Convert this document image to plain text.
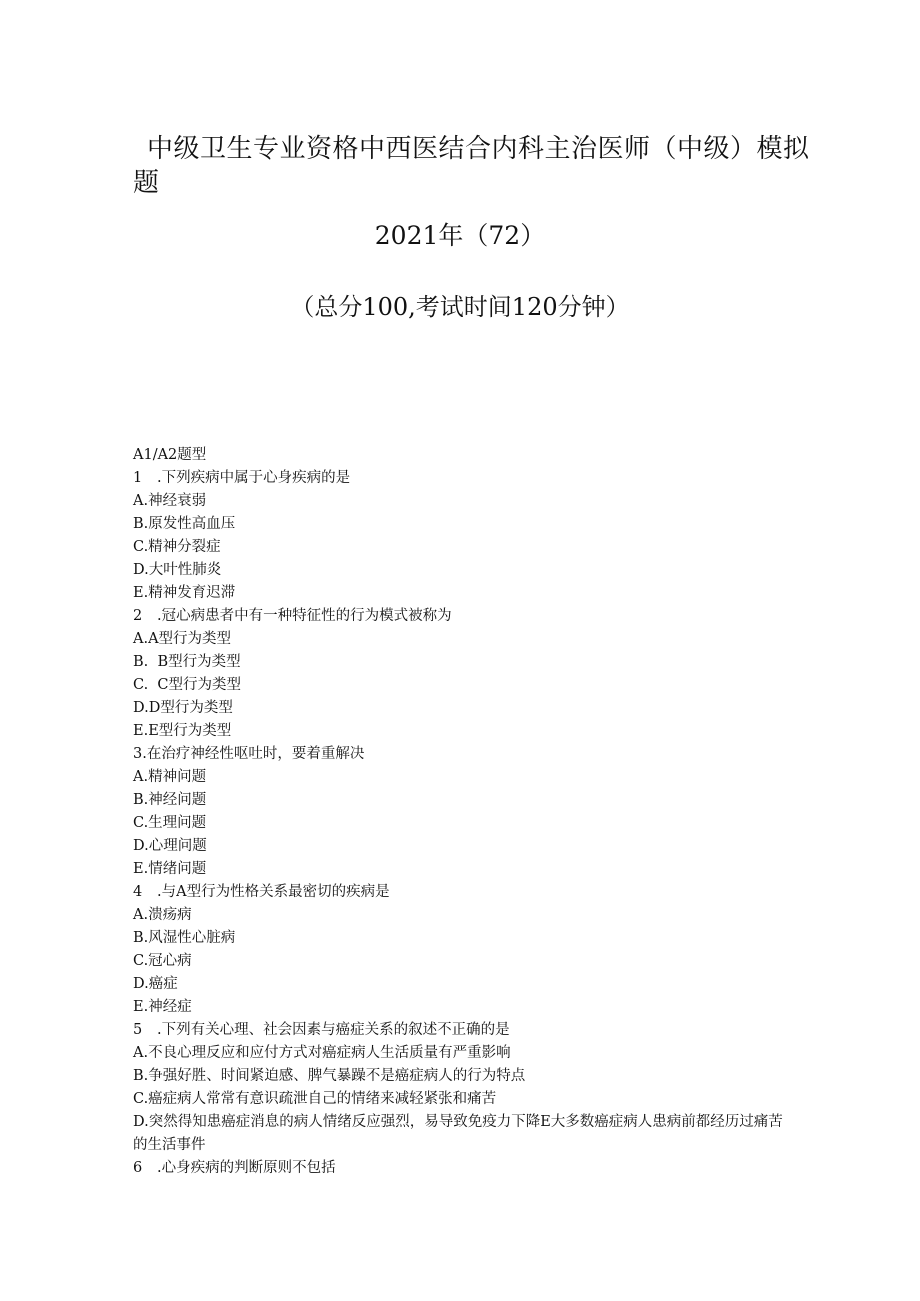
中级卫生专业资格中西医结合内科主治医师（中级）模拟
题
2021年（72）
（总分100,考试时间120分钟）
A1/A2题型
1 .下列疾病中属于心身疾病的是
A.神经衰弱
B.原发性高血压
C.精神分裂症
D.大叶性肺炎
E.精神发育迟滞
2 .冠心病患者中有一种特征性的行为模式被称为
A.A型行为类型
B.  B型行为类型
C.  C型行为类型
D.D型行为类型
E.E型行为类型
3.在治疗神经性呕吐时，要着重解决
A.精神问题
B.神经问题
C.生理问题
D.心理问题
E.情绪问题
4 .与A型行为性格关系最密切的疾病是
A.溃疡病
B.风湿性心脏病
C.冠心病
D.癌症
E.神经症
5 .下列有关心理、社会因素与癌症关系的叙述不正确的是
A.不良心理反应和应付方式对癌症病人生活质量有严重影响
B.争强好胜、时间紧迫感、脾气暴躁不是癌症病人的行为特点
C.癌症病人常常有意识疏泄自己的情绪来减轻紧张和痛苦
D.突然得知患癌症消息的病人情绪反应强烈，易导致免疫力下降E大多数癌症病人患病前都经历过痛苦的生活事件
6 .心身疾病的判断原则不包括
